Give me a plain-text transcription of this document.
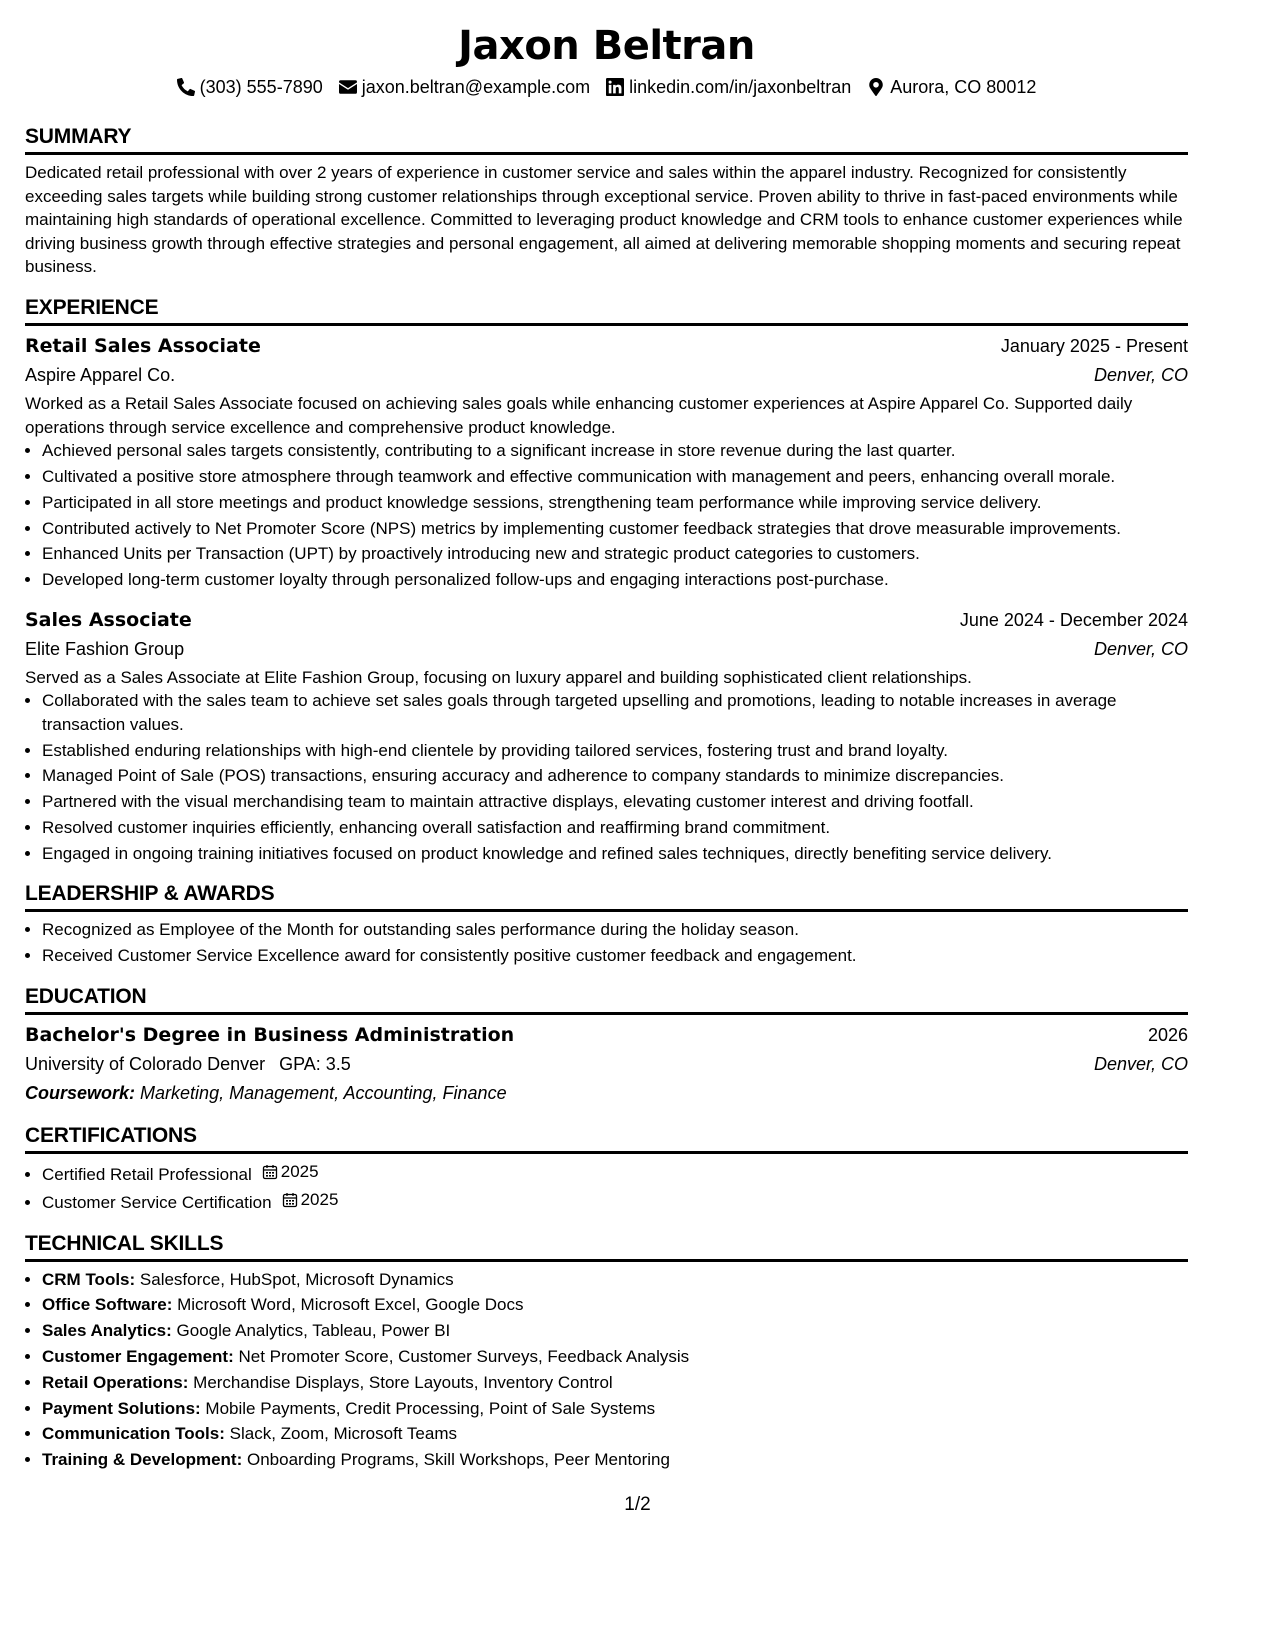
Jaxon Beltran
(303) 555-7890 jaxon.beltran@example.com linkedin.com/in/jaxonbeltran Aurora, CO 80012
SUMMARY

Dedicated retail professional with over 2 years of experience in customer service and sales within the apparel industry. Recognized for consistently exceeding sales targets while building strong customer relationships through exceptional service. Proven ability to thrive in fast-paced environments while maintaining high standards of operational excellence. Committed to leveraging product knowledge and CRM tools to enhance customer experiences while driving business growth through effective strategies and personal engagement, all aimed at delivering memorable shopping moments and securing repeat business.

EXPERIENCE
Retail Sales Associate	January 2025 - Present
Aspire Apparel Co.	Denver, CO

Worked as a Retail Sales Associate focused on achieving sales goals while enhancing customer experiences at Aspire Apparel Co. Supported daily operations through service excellence and comprehensive product knowledge.

• Achieved personal sales targets consistently, contributing to a significant increase in store revenue during the last quarter.
• Cultivated a positive store atmosphere through teamwork and effective communication with management and peers, enhancing overall morale.
• Participated in all store meetings and product knowledge sessions, strengthening team performance while improving service delivery.
• Contributed actively to Net Promoter Score (NPS) metrics by implementing customer feedback strategies that drove measurable improvements.
• Enhanced Units per Transaction (UPT) by proactively introducing new and strategic product categories to customers.
• Developed long-term customer loyalty through personalized follow-ups and engaging interactions post-purchase.
Sales Associate	June 2024 - December 2024
Elite Fashion Group	Denver, CO

Served as a Sales Associate at Elite Fashion Group, focusing on luxury apparel and building sophisticated client relationships.

• Collaborated with the sales team to achieve set sales goals through targeted upselling and promotions, leading to notable increases in average transaction values.
• Established enduring relationships with high-end clientele by providing tailored services, fostering trust and brand loyalty.
• Managed Point of Sale (POS) transactions, ensuring accuracy and adherence to company standards to minimize discrepancies.
• Partnered with the visual merchandising team to maintain attractive displays, elevating customer interest and driving footfall.
• Resolved customer inquiries efficiently, enhancing overall satisfaction and reaffirming brand commitment.
• Engaged in ongoing training initiatives focused on product knowledge and refined sales techniques, directly benefiting service delivery.
LEADERSHIP & AWARDS
• Recognized as Employee of the Month for outstanding sales performance during the holiday season.
• Received Customer Service Excellence award for consistently positive customer feedback and engagement.
EDUCATION
Bachelor's Degree in Business Administration	2026
University of Colorado Denver GPA: 3.5	Denver, CO
Coursework: Marketing, Management, Accounting, Finance
CERTIFICATIONS
• Certified Retail Professional 2025
• Customer Service Certification 2025
TECHNICAL SKILLS
• CRM Tools: Salesforce, HubSpot, Microsoft Dynamics
• Office Software: Microsoft Word, Microsoft Excel, Google Docs
• Sales Analytics: Google Analytics, Tableau, Power BI
• Customer Engagement: Net Promoter Score, Customer Surveys, Feedback Analysis
• Retail Operations: Merchandise Displays, Store Layouts, Inventory Control
• Payment Solutions: Mobile Payments, Credit Processing, Point of Sale Systems
• Communication Tools: Slack, Zoom, Microsoft Teams
• Training & Development: Onboarding Programs, Skill Workshops, Peer Mentoring
1/2
